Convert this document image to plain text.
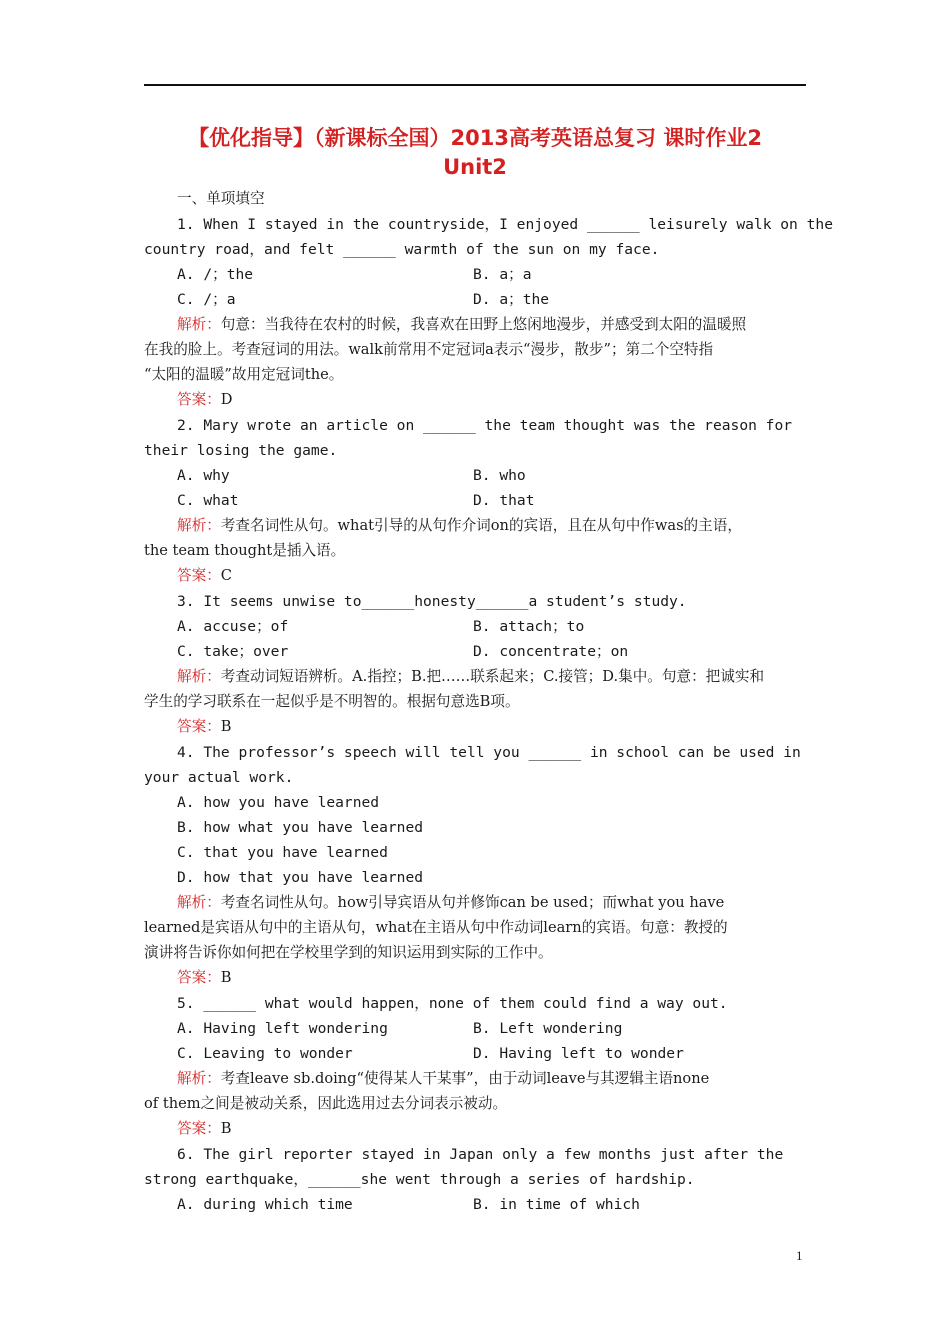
【优化指导】（新课标全国）2013高考英语总复习 课时作业2
Unit2
一、单项填空
1. When I stayed in the countryside，I enjoyed ______ leisurely walk on the
country road，and felt ______ warmth of the sun on my face.
A. /；the	B. a；a
C. /；a	D. a；the
解析：句意：当我待在农村的时候，我喜欢在田野上悠闲地漫步，并感受到太阳的温暖照
在我的脸上。考查冠词的用法。walk前常用不定冠词a表示“漫步，散步”；第二个空特指
“太阳的温暖”故用定冠词the。
答案：D
2. Mary wrote an article on ______ the team thought was the reason for
their losing the game.
A. why	B. who
C. what	D. that
解析：考查名词性从句。what引导的从句作介词on的宾语，且在从句中作was的主语，
the team thought是插入语。
答案：C
3. It seems unwise to______honesty______a student’s study.
A. accuse；of	B. attach；to
C. take；over	D. concentrate；on
解析：考查动词短语辨析。A.指控；B.把……联系起来；C.接管；D.集中。句意：把诚实和
学生的学习联系在一起似乎是不明智的。根据句意选B项。
答案：B
4. The professor’s speech will tell you ______ in school can be used in
your actual work.
A. how you have learned
B. how what you have learned
C. that you have learned
D. how that you have learned
解析：考查名词性从句。how引导宾语从句并修饰can be used；而what you have
learned是宾语从句中的主语从句，what在主语从句中作动词learn的宾语。句意：教授的
演讲将告诉你如何把在学校里学到的知识运用到实际的工作中。
答案：B
5. ______ what would happen，none of them could find a way out.
A. Having left wondering	B. Left wondering
C. Leaving to wonder	D. Having left to wonder
解析：考查leave sb.doing“使得某人干某事”，由于动词leave与其逻辑主语none
of them之间是被动关系，因此选用过去分词表示被动。
答案：B
6. The girl reporter stayed in Japan only a few months just after the
strong earthquake，______she went through a series of hardship.
A. during which time	B. in time of which
1
